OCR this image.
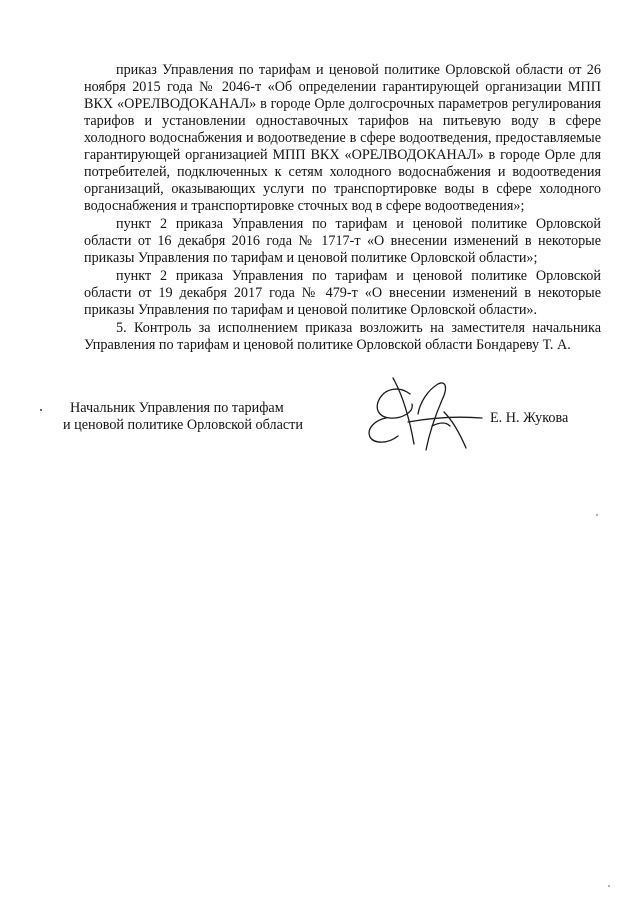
приказ Управления по тарифам и ценовой политике Орловской области от 26
ноября 2015 года № 2046-т «Об определении гарантирующей организации МПП
ВКХ «ОРЕЛВОДОКАНАЛ» в городе Орле долгосрочных параметров регулирования
тарифов и установлении одноставочных тарифов на питьевую воду в сфере
холодного водоснабжения и водоотведение в сфере водоотведения, предоставляемые
гарантирующей организацией МПП ВКХ «ОРЕЛВОДОКАНАЛ» в городе Орле для
потребителей, подключенных к сетям холодного водоснабжения и водоотведения
организаций, оказывающих услуги по транспортировке воды в сфере холодного
водоснабжения и транспортировке сточных вод в сфере водоотведения»;
пункт 2 приказа Управления по тарифам и ценовой политике Орловской
области от 16 декабря 2016 года № 1717-т «О внесении изменений в некоторые
приказы Управления по тарифам и ценовой политике Орловской области»;
пункт 2 приказа Управления по тарифам и ценовой политике Орловской
области от 19 декабря 2017 года № 479-т «О внесении изменений в некоторые
приказы Управления по тарифам и ценовой политике Орловской области».
5. Контроль за исполнением приказа возложить на заместителя начальника
Управления по тарифам и ценовой политике Орловской области Бондареву Т. А.
Начальник Управления по тарифам
и ценовой политике Орловской области	Е. Н. Жукова
